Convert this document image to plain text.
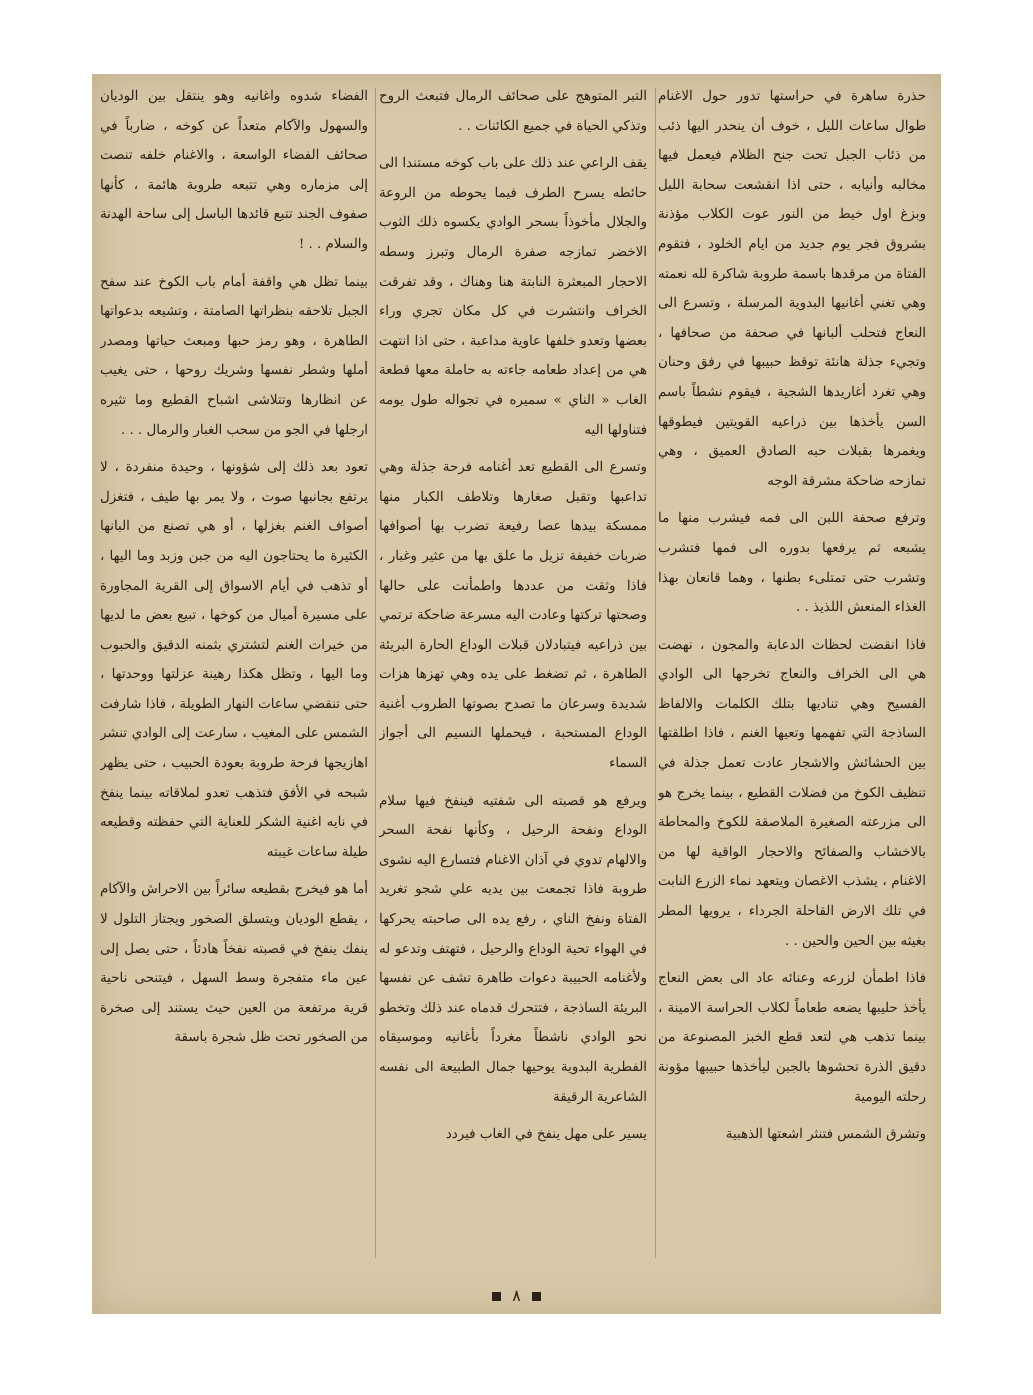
حذرة ساهرة في حراستها تدور حول الاغنام طوال ساعات الليل ، خوف أن ينحدر اليها ذئب من ذئاب الجبل تحت جنح الظلام فيعمل فيها مخالبه وأنيابه ، حتى اذا انقشعت سحابة الليل وبزغ اول خيط من النور عوت الكلاب مؤذنة بشروق فجر يوم جديد من ايام الخلود ، فتقوم الفتاة من مرقدها باسمة طروبة شاكرة لله نعمته وهي تغني أغانيها البدوية المرسلة ، وتسرع الى النعاج فتحلب ألبانها في صحفة من صحافها ، وتجيء جذلة هانئة توقظ حبيبها في رفق وحنان وهي تغرد أغاريدها الشجية ، فيقوم نشطاً باسم السن يأخذها بين ذراعيه القويتين فيطوقها ويغمرها بقبلات حبه الصادق العميق ، وهي تمازحه ضاحكة مشرقة الوجه

وترفع صحفة اللبن الى فمه فيشرب منها ما يشبعه ثم يرفعها بدوره الى فمها فتشرب وتشرب حتى تمتلىء بطنها ، وهما قانعان بهذا الغذاء المنعش اللذيذ . .

فاذا انقضت لحظات الدعابة والمجون ، نهضت هي الى الخراف والنعاج تخرجها الى الوادي الفسيح وهي تناديها بتلك الكلمات والالفاظ الساذجة التي تفهمها وتعيها الغنم ، فاذا اطلقتها بين الحشائش والاشجار عادت تعمل جذلة في تنظيف الكوخ من فضلات القطيع ، بينما يخرج هو الى مزرعته الصغيرة الملاصقة للكوخ والمحاطة بالاخشاب والصفائح والاحجار الواقية لها من الاغنام ، يشذب الاغصان ويتعهد نماء الزرع النابت في تلك الارض القاحلة الجرداء ، يرويها المطر بغيثه بين الحين والحين . .

فاذا اطمأن لزرعه وعنائه عاد الى بعض النعاج يأخذ حليبها يضعه طعاماً لكلاب الحراسة الامينة ، بينما تذهب هي لتعد قطع الخبز المصنوعة من دقيق الذرة تحشوها بالجبن ليأخذها حبيبها مؤونة رحلته اليومية

وتشرق الشمس فتنثر اشعتها الذهبية

التبر المتوهج على صحائف الرمال فتبعث الروح وتذكي الحياة في جميع الكائنات . .

يقف الراعي عند ذلك على باب كوخه مستندا الى حائطه يسرح الطرف فيما يحوطه من الروعة والجلال مأخوذاً بسحر الوادي يكسوه ذلك الثوب الاخضر تمازجه صفرة الرمال وتبرز وسطه الاحجار المبعثرة النابتة هنا وهناك ، وقد تفرقت الخراف وانتشرت في كل مكان تجري وراء بعضها وتعدو خلفها عاوية مداعبة ، حتى اذا انتهت هي من إعداد طعامه جاءته به حاملة معها قطعة الغاب « الناي » سميره في تجواله طول يومه فتناولها اليه

وتسرع الى القطيع تعد أغنامه فرحة جذلة وهي تداعبها وتقبل صغارها وتلاطف الكبار منها ممسكة بيدها عصا رفيعة تضرب بها أصوافها ضربات خفيفة تزيل ما علق بها من عثير وغبار ، فاذا وثقت من عددها واطمأنت على حالها وصحتها تركتها وعادت اليه مسرعة ضاحكة ترتمي بين ذراعيه فيتبادلان قبلات الوداع الحارة البريئة الطاهرة ، ثم تضغط على يده وهي تهزها هزات شديدة وسرعان ما تصدح بصوتها الطروب أغنية الوداع المستحبة ، فيحملها النسيم الى أجواز السماء

ويرفع هو قصبته الى شفتيه فينفخ فيها سلام الوداع ونفحة الرحيل ، وكأنها نفحة السحر والالهام تدوي في آذان الاغنام فتسارع اليه نشوى طروبة فاذا تجمعت بين يديه علي شجو تغريد الفتاة ونفخ الناي ، رفع يده الى صاحبته يحركها في الهواء تحية الوداع والرحيل ، فتهتف وتدعو له ولأغنامه الحبيبة دعوات طاهرة تشف عن نفسها البريئة الساذجة ، فتتحرك قدماه عند ذلك وتخطو نحو الوادي ناشطاً مغرداً بأغانيه وموسيقاه الفطرية البدوية يوحيها جمال الطبيعة الى نفسه الشاعرية الرقيقة

يسير على مهل ينفخ في الغاب فيردد

الفضاء شدوه واغانيه وهو ينتقل بين الوديان والسهول والآكام متعداً عن كوخه ، ضارباً في صحائف الفضاء الواسعة ، والاغنام خلفه تنصت إلى مزماره وهي تتبعه طروبة هائمة ، كأنها صفوف الجند تتبع قائدها الباسل إلى ساحة الهدنة والسلام . . !

بينما تظل هي واقفة أمام باب الكوخ عند سفح الجبل تلاحقه بنظراتها الصامتة ، وتشيعه بدعواتها الطاهرة ، وهو رمز حبها ومبعث حياتها ومصدر أملها وشطر نفسها وشريك روحها ، حتى يغيب عن انظارها وتتلاشى اشباح القطيع وما تثيره ارجلها في الجو من سحب الغبار والرمال . . .

تعود بعد ذلك إلى شؤونها ، وحيدة منفردة ، لا يرتفع بجانبها صوت ، ولا يمر بها طيف ، فتغزل أصواف الغنم بغزلها ، أو هي تصنع من البانها الكثيرة ما يحتاجون اليه من جبن وزبد وما اليها ، أو تذهب في أيام الاسواق إلى القرية المجاورة على مسيرة أميال من كوخها ، تبيع بعض ما لديها من خيرات الغنم لتشتري بثمنه الدقيق والحبوب وما اليها ، وتظل هكذا رهينة عزلتها ووحدتها ، حتى تنقضي ساعات النهار الطويلة ، فاذا شارفت الشمس على المغيب ، سارعت إلى الوادي تنشر اهازيجها فرحة طروبة بعودة الحبيب ، حتى يظهر شبحه في الأفق فتذهب تعدو لملاقاته بينما ينفخ في نايه اغنية الشكر للعناية التي حفظته وقطيعه طيلة ساعات غيبته

أما هو فيخرج بقطيعه سائراً بين الاحراش والآكام ، يقطع الوديان ويتسلق الصخور ويجتاز التلول لا ينفك ينفخ في قصبته نفخاً هادئاً ، حتى يصل إلى عين ماء متفجرة وسط السهل ، فيتنحى ناحية قرية مرتفعة من العين حيث يستند إلى صخرة من الصخور تحت ظل شجرة باسقة

٨
